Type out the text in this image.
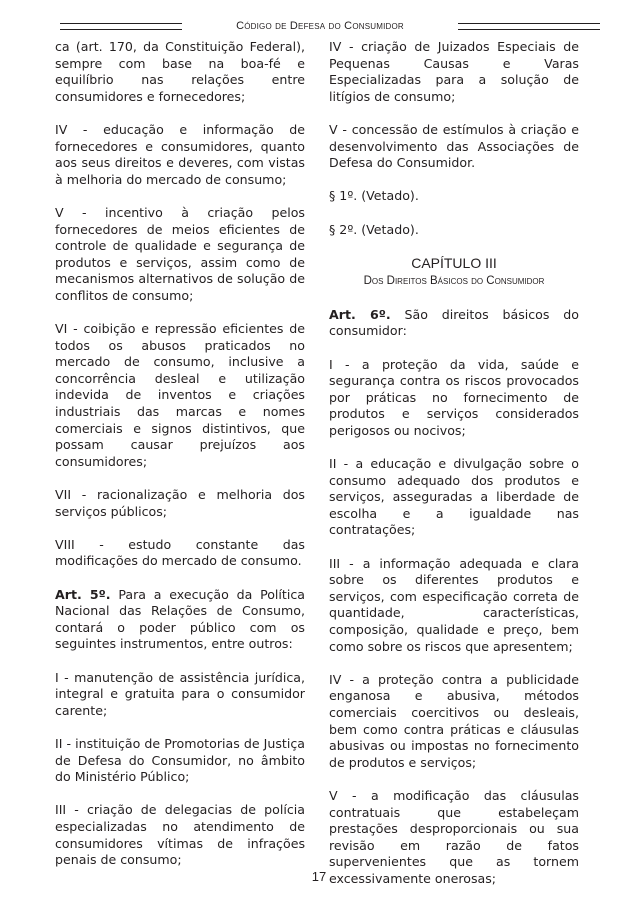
Código de Defesa do Consumidor

ca (art. 170, da Constituição Federal), sempre com base na boa-fé e equilíbrio nas relações entre consumidores e fornecedores;

IV - educação e informação de fornecedores e consumidores, quanto aos seus direitos e deveres, com vistas à melhoria do mercado de consumo;

V - incentivo à criação pelos fornecedores de meios eficientes de controle de qualidade e segurança de produtos e serviços, assim como de mecanismos alternativos de solução de conflitos de consumo;

VI - coibição e repressão eficientes de todos os abusos praticados no mercado de consumo, inclusive a concorrência desleal e utilização indevida de inventos e criações industriais das marcas e nomes comerciais e signos distintivos, que possam causar prejuízos aos consumidores;

VII - racionalização e melhoria dos serviços públicos;

VIII - estudo constante das modificações do mercado de consumo.

Art. 5º. Para a execução da Política Nacional das Relações de Consumo, contará o poder público com os seguintes instrumentos, entre outros:

I - manutenção de assistência jurídica, integral e gratuita para o consumidor carente;

II - instituição de Promotorias de Justiça de Defesa do Consumidor, no âmbito do Ministério Público;

III - criação de delegacias de polícia especializadas no atendimento de consumidores vítimas de infrações penais de consumo;

IV - criação de Juizados Especiais de Pequenas Causas e Varas Especializadas para a solução de litígios de consumo;

V - concessão de estímulos à criação e desenvolvimento das Associações de Defesa do Consumidor.

§ 1º. (Vetado).

§ 2º. (Vetado).

CAPÍTULO III
Dos Direitos Básicos do Consumidor

Art. 6º. São direitos básicos do consumidor:

I - a proteção da vida, saúde e segurança contra os riscos provocados por práticas no fornecimento de produtos e serviços considerados perigosos ou nocivos;

II - a educação e divulgação sobre o consumo adequado dos produtos e serviços, asseguradas a liberdade de escolha e a igualdade nas contratações;

III - a informação adequada e clara sobre os diferentes produtos e serviços, com especificação correta de quantidade, características, composição, qualidade e preço, bem como sobre os riscos que apresentem;

IV - a proteção contra a publicidade enganosa e abusiva, métodos comerciais coercitivos ou desleais, bem como contra práticas e cláusulas abusivas ou impostas no fornecimento de produtos e serviços;

V - a modificação das cláusulas contratuais que estabeleçam prestações desproporcionais ou sua revisão em razão de fatos supervenientes que as tornem excessivamente onerosas;

17
